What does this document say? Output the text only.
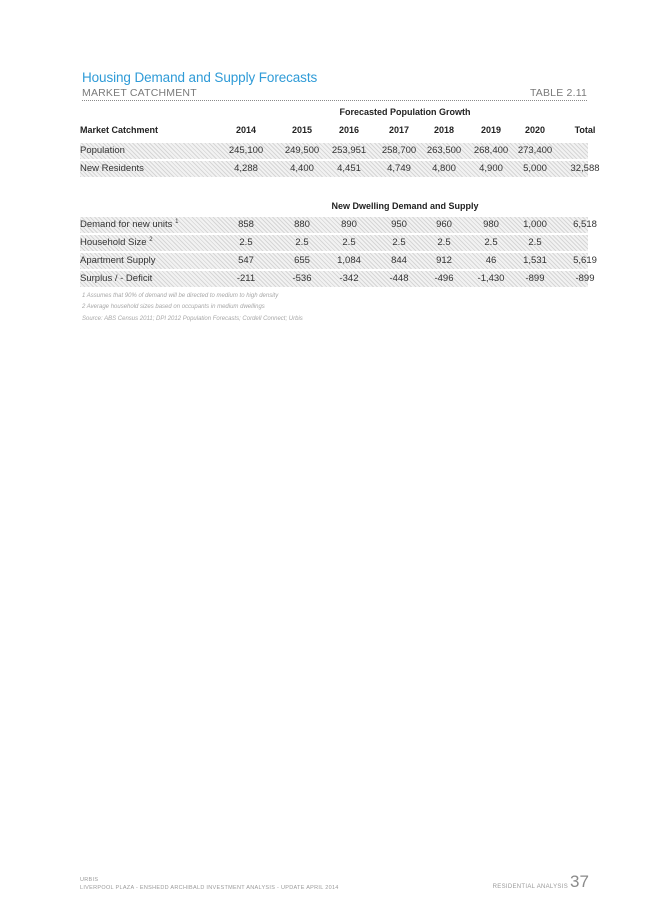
Housing Demand and Supply Forecasts
MARKET CATCHMENT	TABLE 2.11
Forecasted Population Growth
Market Catchment	2014	2015	2016	2017	2018	2019	2020	Total
Population	245,100	249,500	253,951	258,700	263,500	268,400	273,400
New Residents	4,288	4,400	4,451	4,749	4,800	4,900	5,000	32,588
New Dwelling Demand and Supply
Demand for new units $^1$	858	880	890	950	960	980	1,000	6,518
Household Size $^2$	2.5	2.5	2.5	2.5	2.5	2.5	2.5
Apartment Supply	547	655	1,084	844	912	46	1,531	5,619
Surplus / - Deficit	-211	-536	-342	-448	-496	-1,430	-899	-899
1 Assumes that 90% of demand will be directed to medium to high density
2 Average household sizes based on occupants in medium dwellings
Source: ABS Census 2011; DPI 2012 Population Forecasts; Cordell Connect; Urbis
URBIS
LIVERPOOL PLAZA - ENSHEDD ARCHIBALD INVESTMENT ANALYSIS - UPDATE APRIL 2014	RESIDENTIAL ANALYSIS 37
